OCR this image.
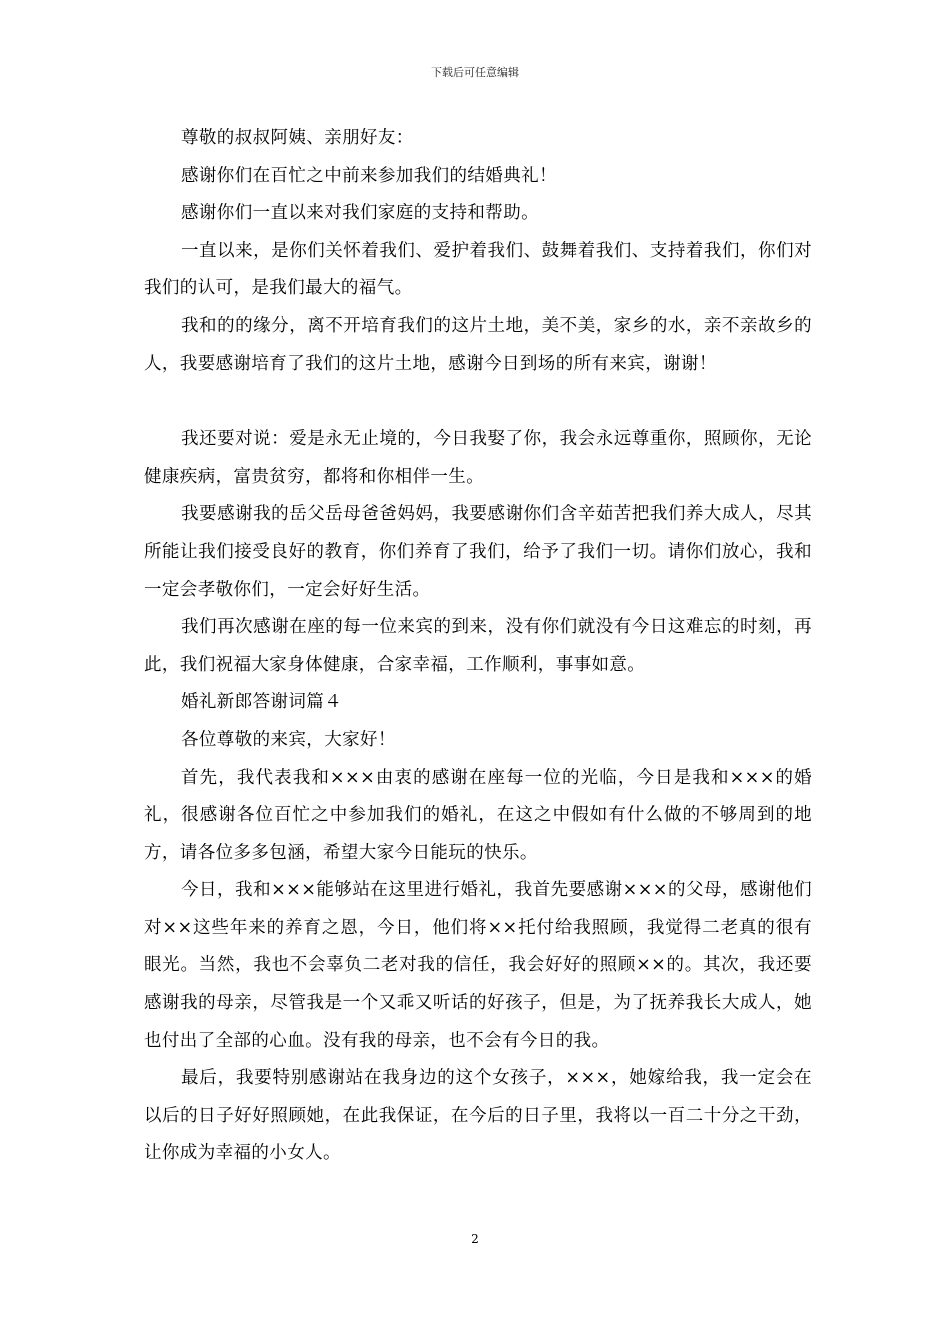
下载后可任意编辑

尊敬的叔叔阿姨、亲朋好友：

感谢你们在百忙之中前来参加我们的结婚典礼！

感谢你们一直以来对我们家庭的支持和帮助。

一直以来，是你们关怀着我们、爱护着我们、鼓舞着我们、支持着我们，你们对我们的认可，是我们最大的福气。

我和的的缘分，离不开培育我们的这片土地，美不美，家乡的水，亲不亲故乡的人，我要感谢培育了我们的这片土地，感谢今日到场的所有来宾，谢谢！

我还要对说：爱是永无止境的，今日我娶了你，我会永远尊重你，照顾你，无论健康疾病，富贵贫穷，都将和你相伴一生。

我要感谢我的岳父岳母爸爸妈妈，我要感谢你们含辛茹苦把我们养大成人，尽其所能让我们接受良好的教育，你们养育了我们，给予了我们一切。请你们放心，我和一定会孝敬你们，一定会好好生活。

我们再次感谢在座的每一位来宾的到来，没有你们就没有今日这难忘的时刻，再此，我们祝福大家身体健康，合家幸福，工作顺利，事事如意。

婚礼新郎答谢词篇４

各位尊敬的来宾，大家好！

首先，我代表我和×××由衷的感谢在座每一位的光临，今日是我和×××的婚礼，很感谢各位百忙之中参加我们的婚礼，在这之中假如有什么做的不够周到的地方，请各位多多包涵，希望大家今日能玩的快乐。

今日，我和×××能够站在这里进行婚礼，我首先要感谢×××的父母，感谢他们对××这些年来的养育之恩，今日，他们将××托付给我照顾，我觉得二老真的很有眼光。当然，我也不会辜负二老对我的信任，我会好好的照顾××的。其次，我还要感谢我的母亲，尽管我是一个又乖又听话的好孩子，但是，为了抚养我长大成人，她也付出了全部的心血。没有我的母亲，也不会有今日的我。

最后，我要特别感谢站在我身边的这个女孩子，×××，她嫁给我，我一定会在以后的日子好好照顾她，在此我保证，在今后的日子里，我将以一百二十分之干劲，让你成为幸福的小女人。

2
